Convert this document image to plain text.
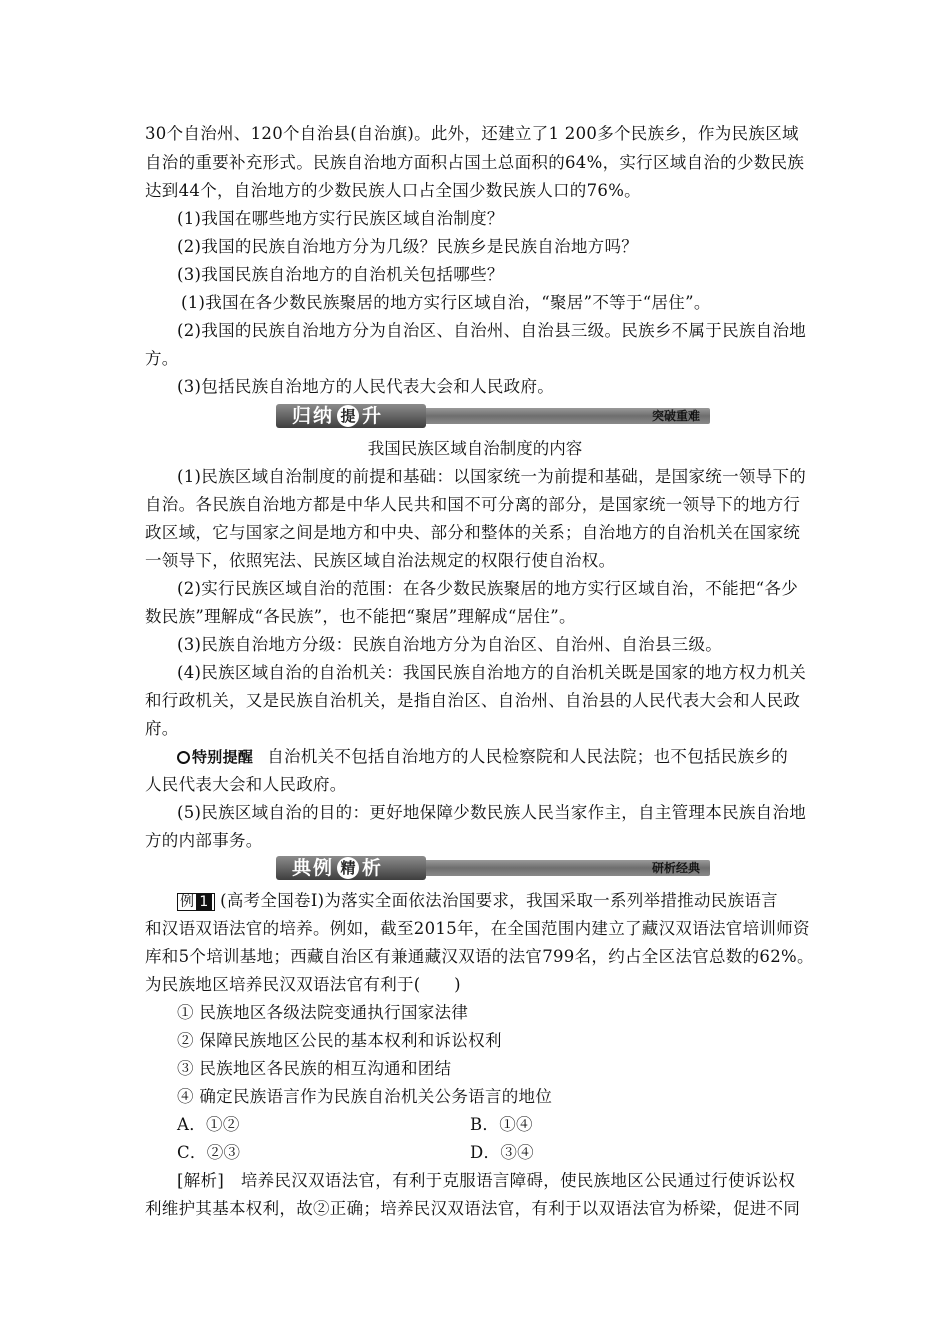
30个自治州、120个自治县(自治旗)。此外，还建立了1 200多个民族乡，作为民族区域
自治的重要补充形式。民族自治地方面积占国土总面积的64%，实行区域自治的少数民族
达到44个，自治地方的少数民族人口占全国少数民族人口的76%。
(1)我国在哪些地方实行民族区域自治制度？
(2)我国的民族自治地方分为几级？民族乡是民族自治地方吗？
(3)我国民族自治地方的自治机关包括哪些？
(1)我国在各少数民族聚居的地方实行区域自治，“聚居”不等于“居住”。
(2)我国的民族自治地方分为自治区、自治州、自治县三级。民族乡不属于民族自治地
方。
(3)包括民族自治地方的人民代表大会和人民政府。
归纳 提 升	突破重难
我国民族区域自治制度的内容
(1)民族区域自治制度的前提和基础：以国家统一为前提和基础，是国家统一领导下的
自治。各民族自治地方都是中华人民共和国不可分离的部分，是国家统一领导下的地方行
政区域，它与国家之间是地方和中央、部分和整体的关系；自治地方的自治机关在国家统
一领导下，依照宪法、民族区域自治法规定的权限行使自治权。
(2)实行民族区域自治的范围：在各少数民族聚居的地方实行区域自治，不能把“各少
数民族”理解成“各民族”，也不能把“聚居”理解成“居住”。
(3)民族自治地方分级：民族自治地方分为自治区、自治州、自治县三级。
(4)民族区域自治的自治机关：我国民族自治地方的自治机关既是国家的地方权力机关
和行政机关，又是民族自治机关，是指自治区、自治州、自治县的人民代表大会和人民政
府。
特别提醒 自治机关不包括自治地方的人民检察院和人民法院；也不包括民族乡的
人民代表大会和人民政府。
(5)民族区域自治的目的：更好地保障少数民族人民当家作主，自主管理本民族自治地
方的内部事务。
典例 精 析	研析经典
例 1 (高考全国卷Ⅰ)为落实全面依法治国要求，我国采取一系列举措推动民族语言
和汉语双语法官的培养。例如，截至2015年，在全国范围内建立了藏汉双语法官培训师资
库和5个培训基地；西藏自治区有兼通藏汉双语的法官799名，约占全区法官总数的62%。
为民族地区培养民汉双语法官有利于(　　)
① 民族地区各级法院变通执行国家法律
② 保障民族地区公民的基本权利和诉讼权利
③ 民族地区各民族的相互沟通和团结
④ 确定民族语言作为民族自治机关公务语言的地位
A．①②	B．①④
C．②③	D．③④
[解析]　培养民汉双语法官，有利于克服语言障碍，使民族地区公民通过行使诉讼权
利维护其基本权利，故②正确；培养民汉双语法官，有利于以双语法官为桥梁，促进不同
